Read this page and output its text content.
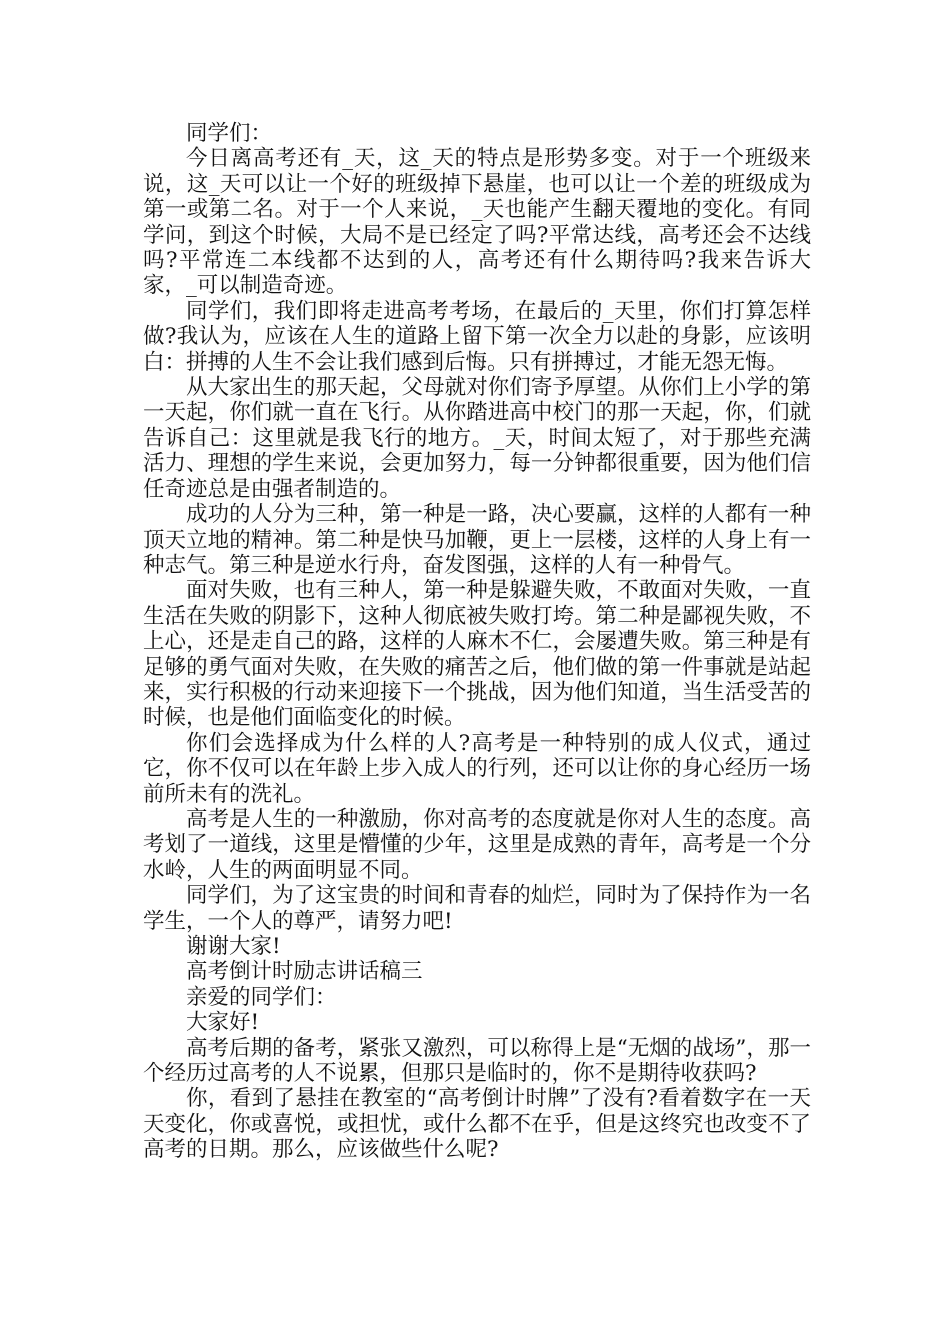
同学们：

今日离高考还有_天，这_天的特点是形势多变。对于一个班级来说，这_天可以让一个好的班级掉下悬崖，也可以让一个差的班级成为第一或第二名。对于一个人来说，_天也能产生翻天覆地的变化。有同学问，到这个时候，大局不是已经定了吗?平常达线，高考还会不达线吗?平常连二本线都不达到的人，高考还有什么期待吗?我来告诉大家，_可以制造奇迹。

同学们，我们即将走进高考考场，在最后的_天里，你们打算怎样做?我认为，应该在人生的道路上留下第一次全力以赴的身影，应该明白：拼搏的人生不会让我们感到后悔。只有拼搏过，才能无怨无悔。

从大家出生的那天起，父母就对你们寄予厚望。从你们上小学的第一天起，你们就一直在飞行。从你踏进高中校门的那一天起，你，们就告诉自己：这里就是我飞行的地方。_天，时间太短了，对于那些充满活力、理想的学生来说，会更加努力，每一分钟都很重要，因为他们信任奇迹总是由强者制造的。

成功的人分为三种，第一种是一路，决心要赢，这样的人都有一种顶天立地的精神。第二种是快马加鞭，更上一层楼，这样的人身上有一种志气。第三种是逆水行舟，奋发图强，这样的人有一种骨气。

面对失败，也有三种人，第一种是躲避失败，不敢面对失败，一直生活在失败的阴影下，这种人彻底被失败打垮。第二种是鄙视失败，不上心，还是走自己的路，这样的人麻木不仁，会屡遭失败。第三种是有足够的勇气面对失败，在失败的痛苦之后，他们做的第一件事就是站起来，实行积极的行动来迎接下一个挑战，因为他们知道，当生活受苦的时候，也是他们面临变化的时候。

你们会选择成为什么样的人?高考是一种特别的成人仪式，通过它，你不仅可以在年龄上步入成人的行列，还可以让你的身心经历一场前所未有的洗礼。

高考是人生的一种激励，你对高考的态度就是你对人生的态度。高考划了一道线，这里是懵懂的少年，这里是成熟的青年，高考是一个分水岭，人生的两面明显不同。

同学们，为了这宝贵的时间和青春的灿烂，同时为了保持作为一名学生，一个人的尊严，请努力吧!

谢谢大家!

高考倒计时励志讲话稿三

亲爱的同学们：

大家好!

高考后期的备考，紧张又激烈，可以称得上是“无烟的战场”，那一个经历过高考的人不说累，但那只是临时的，你不是期待收获吗?

你，看到了悬挂在教室的“高考倒计时牌”了没有?看着数字在一天天变化，你或喜悦，或担忧，或什么都不在乎，但是这终究也改变不了高考的日期。那么，应该做些什么呢?
